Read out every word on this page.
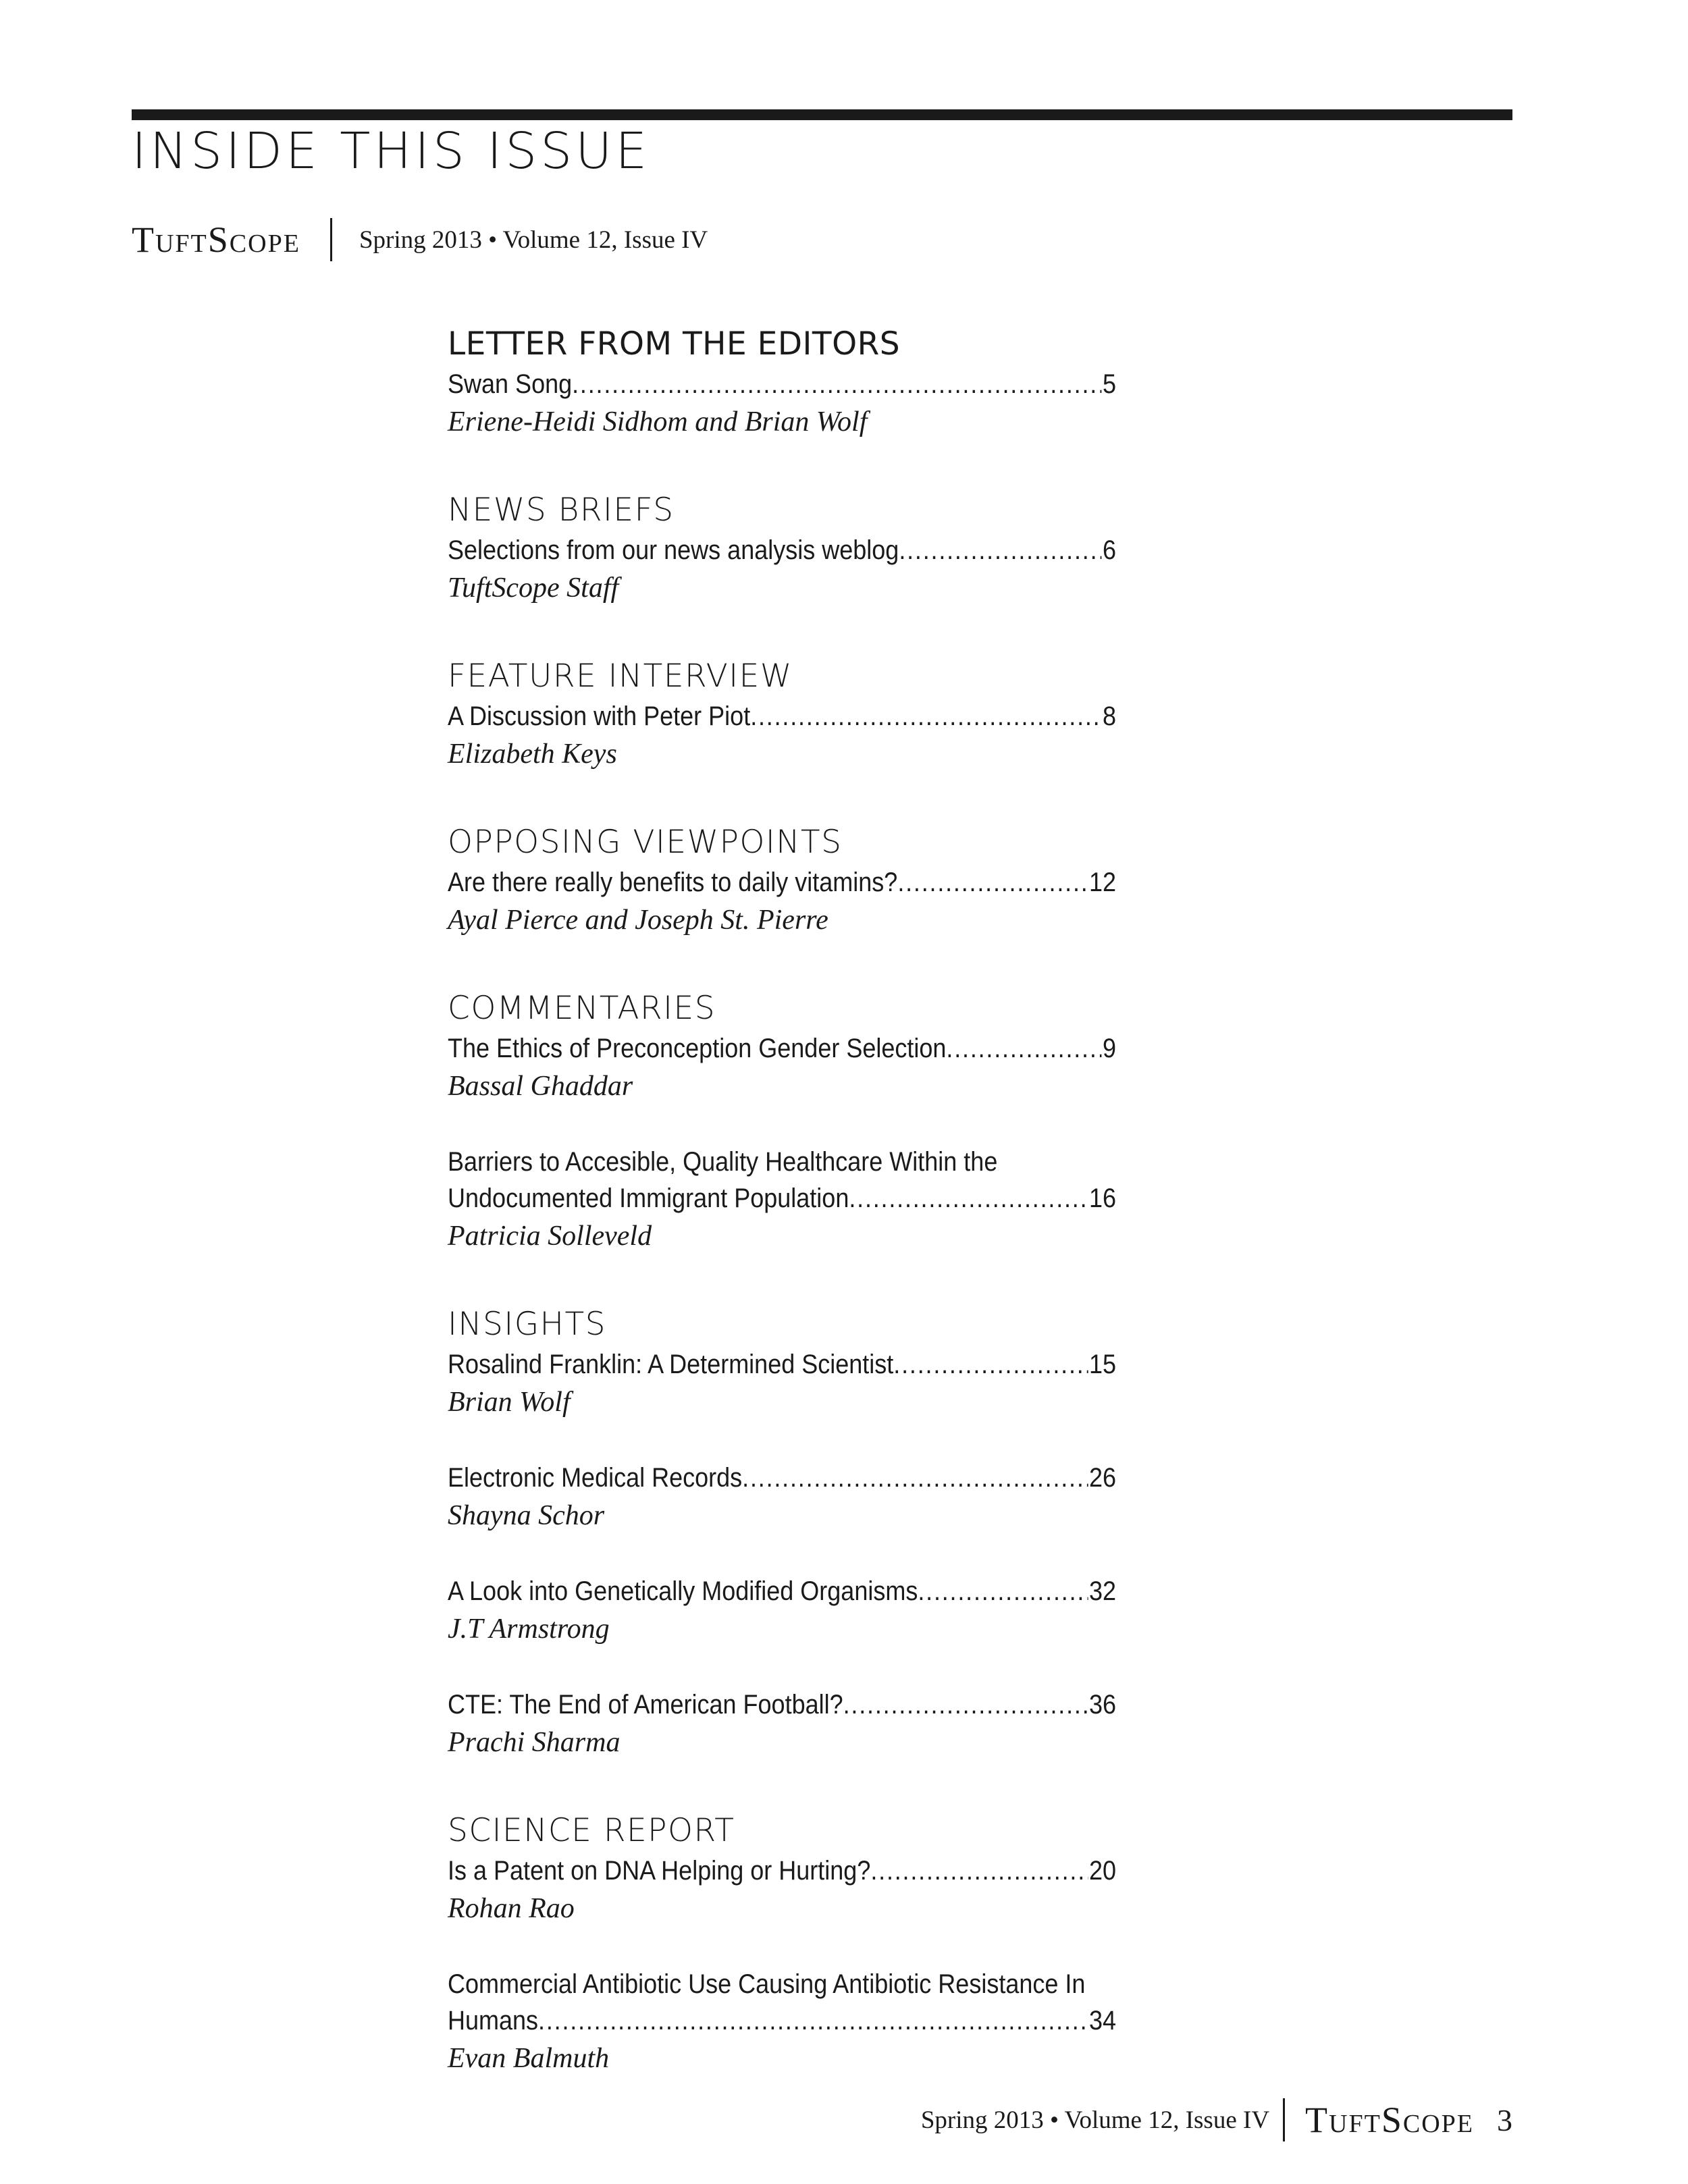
INSIDE THIS ISSUE
TuftScope Spring 2013 • Volume 12, Issue IV
LETTER FROM THE EDITORS
Swan Song .....	5
Eriene-Heidi Sidhom and Brian Wolf
NEWS BRIEFS
Selections from our news analysis weblog .....	6
TuftScope Staff
FEATURE INTERVIEW
A Discussion with Peter Piot .....	8
Elizabeth Keys
OPPOSING VIEWPOINTS
Are there really benefits to daily vitamins? .....	12
Ayal Pierce and Joseph St. Pierre
COMMENTARIES
The Ethics of Preconception Gender Selection .....	9
Bassal Ghaddar
Barriers to Accesible, Quality Healthcare Within the
Undocumented Immigrant Population .....	16
Patricia Solleveld
INSIGHTS
Rosalind Franklin: A Determined Scientist .....	15
Brian Wolf
Electronic Medical Records .....	26
Shayna Schor
A Look into Genetically Modified Organisms .....	32
J.T Armstrong
CTE: The End of American Football? .....	36
Prachi Sharma
SCIENCE REPORT
Is a Patent on DNA Helping or Hurting? .....	20
Rohan Rao
Commercial Antibiotic Use Causing Antibiotic Resistance In
Humans .....	34
Evan Balmuth
Spring 2013 • Volume 12, Issue IV TuftScope 3
